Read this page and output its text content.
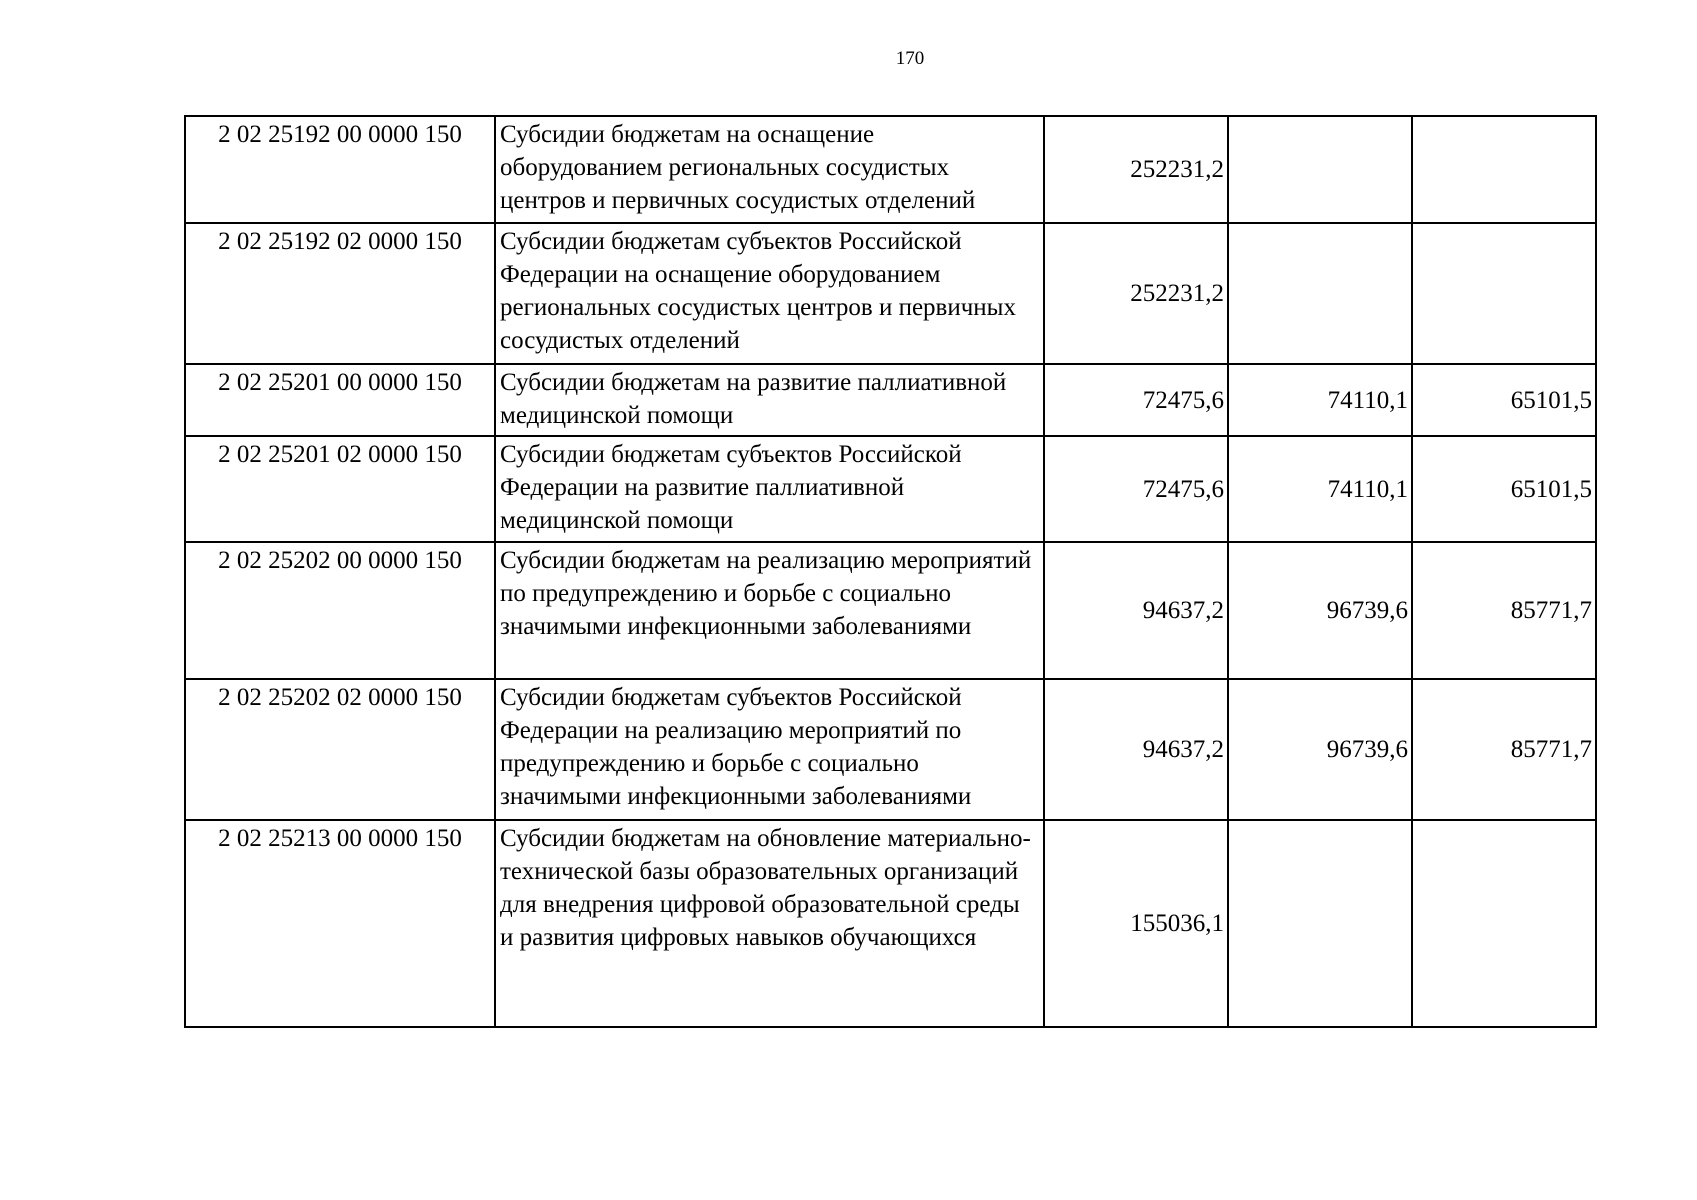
170
2 02 25192 00 0000 150	Субсидии бюджетам на оснащение оборудованием региональных сосудистых центров и первичных сосудистых отделений	252231,2		
2 02 25192 02 0000 150	Субсидии бюджетам субъектов Российской Федерации на оснащение оборудованием региональных сосудистых центров и первичных сосудистых отделений	252231,2		
2 02 25201 00 0000 150	Субсидии бюджетам на развитие паллиативной медицинской помощи	72475,6	74110,1	65101,5
2 02 25201 02 0000 150	Субсидии бюджетам субъектов Российской Федерации на развитие паллиативной медицинской помощи	72475,6	74110,1	65101,5
2 02 25202 00 0000 150	Субсидии бюджетам на реализацию мероприятий по предупреждению и борьбе с социально значимыми инфекционными заболеваниями	94637,2	96739,6	85771,7
2 02 25202 02 0000 150	Субсидии бюджетам субъектов Российской Федерации на реализацию мероприятий по предупреждению и борьбе с социально значимыми инфекционными заболеваниями	94637,2	96739,6	85771,7
2 02 25213 00 0000 150	Субсидии бюджетам на обновление материально-технической базы образовательных организаций для внедрения цифровой образовательной среды и развития цифровых навыков обучающихся	155036,1		
